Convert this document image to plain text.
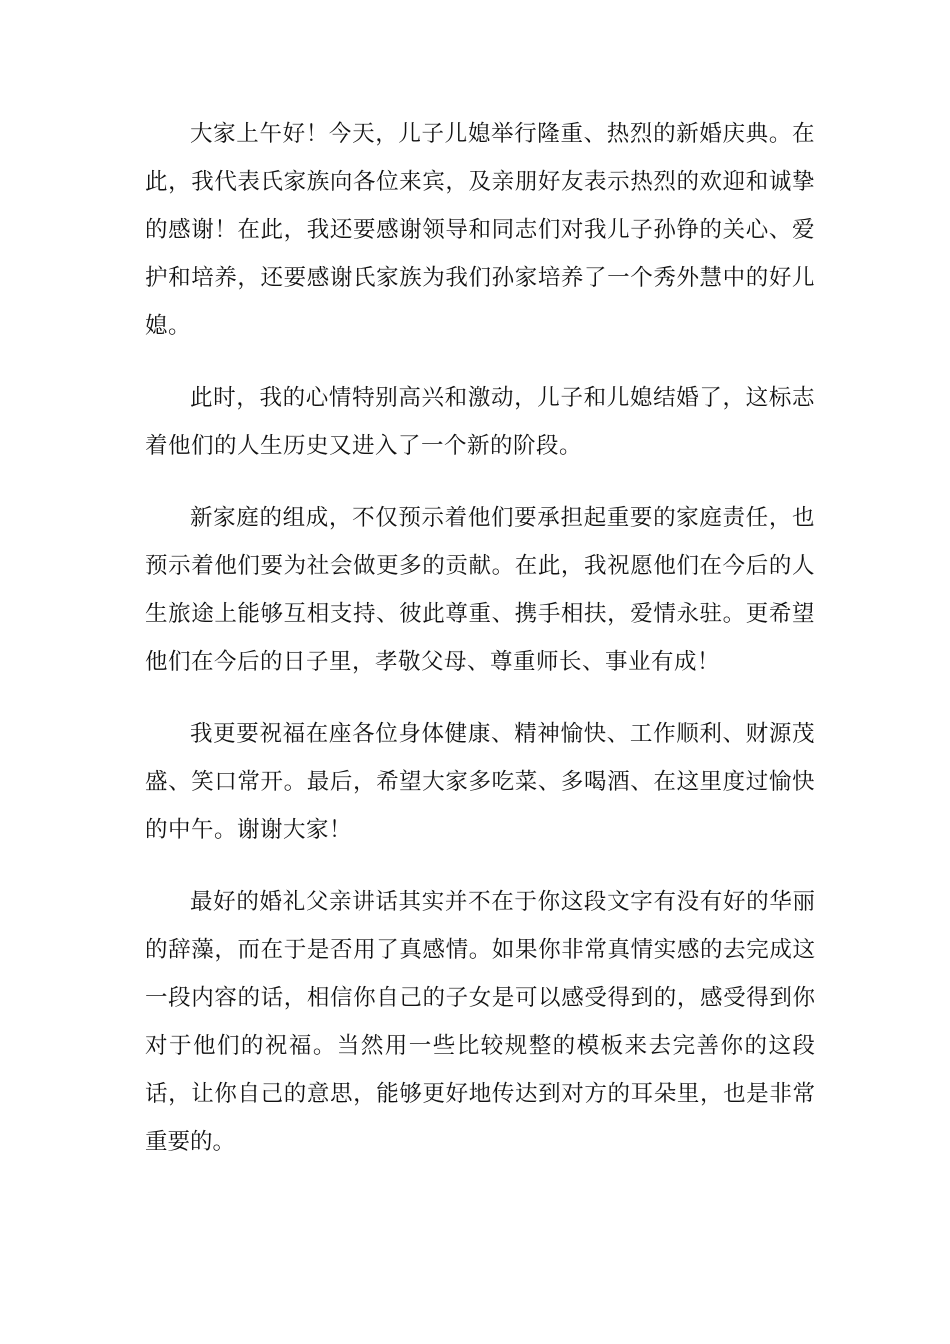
大家上午好！今天，儿子儿媳举行隆重、热烈的新婚庆典。在此，我代表氏家族向各位来宾，及亲朋好友表示热烈的欢迎和诚挚的感谢！在此，我还要感谢领导和同志们对我儿子孙铮的关心、爱护和培养，还要感谢氏家族为我们孙家培养了一个秀外慧中的好儿媳。

此时，我的心情特别高兴和激动，儿子和儿媳结婚了，这标志着他们的人生历史又进入了一个新的阶段。

新家庭的组成，不仅预示着他们要承担起重要的家庭责任，也预示着他们要为社会做更多的贡献。在此，我祝愿他们在今后的人生旅途上能够互相支持、彼此尊重、携手相扶，爱情永驻。更希望他们在今后的日子里，孝敬父母、尊重师长、事业有成！

我更要祝福在座各位身体健康、精神愉快、工作顺利、财源茂盛、笑口常开。最后，希望大家多吃菜、多喝酒、在这里度过愉快的中午。谢谢大家！

最好的婚礼父亲讲话其实并不在于你这段文字有没有好的华丽的辞藻，而在于是否用了真感情。如果你非常真情实感的去完成这一段内容的话，相信你自己的子女是可以感受得到的，感受得到你对于他们的祝福。当然用一些比较规整的模板来去完善你的这段话，让你自己的意思，能够更好地传达到对方的耳朵里，也是非常重要的。
